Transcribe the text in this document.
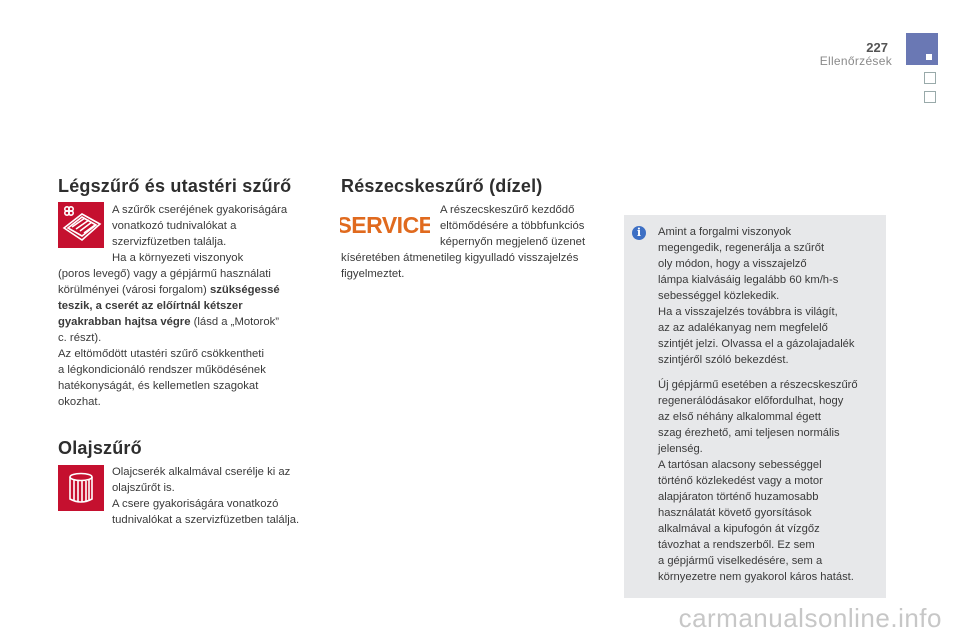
227
Ellenőrzések
Légszűrő és utastéri szűrő

A szűrők cseréjének gyakoriságára

vonatkozó tudnivalókat a

szervizfüzetben találja.

Ha a környezeti viszonyok

(poros levegő) vagy a gépjármű használati

körülményei (városi forgalom) szükségessé

teszik, a cserét az előírtnál kétszer

gyakrabban hajtsa végre (lásd a „Motorok”

c. részt).

Az eltömődött utastéri szűrő csökkentheti

a légkondicionáló rendszer működésének

hatékonyságát, és kellemetlen szagokat

okozhat.

Olajszűrő

Olajcserék alkalmával cserélje ki az

olajszűrőt is.

A csere gyakoriságára vonatkozó

tudnivalókat a szervizfüzetben találja.

Részecskeszűrő (dízel)
SERVICE

A részecskeszűrő kezdődő

eltömődésére a többfunkciós

képernyőn megjelenő üzenet

kíséretében átmenetileg kigyulladó visszajelzés

figyelmeztet.

i	Amint a forgalmi viszonyok

megengedik, regenerálja a szűrőt

oly módon, hogy a visszajelző

lámpa kialvásáig legalább 60 km/h-s

sebességgel közlekedik.

Ha a visszajelzés továbbra is világít,

az az adalékanyag nem megfelelő

szintjét jelzi. Olvassa el a gázolajadalék

szintjéről szóló bekezdést.

Új gépjármű esetében a részecskeszűrő

regenerálódásakor előfordulhat, hogy

az első néhány alkalommal égett

szag érezhető, ami teljesen normális

jelenség.

A tartósan alacsony sebességgel

történő közlekedést vagy a motor

alapjáraton történő huzamosabb

használatát követő gyorsítások

alkalmával a kipufogón át vízgőz

távozhat a rendszerből. Ez sem

a gépjármű viselkedésére, sem a

környezetre nem gyakorol káros hatást.

carmanualsonline.info
